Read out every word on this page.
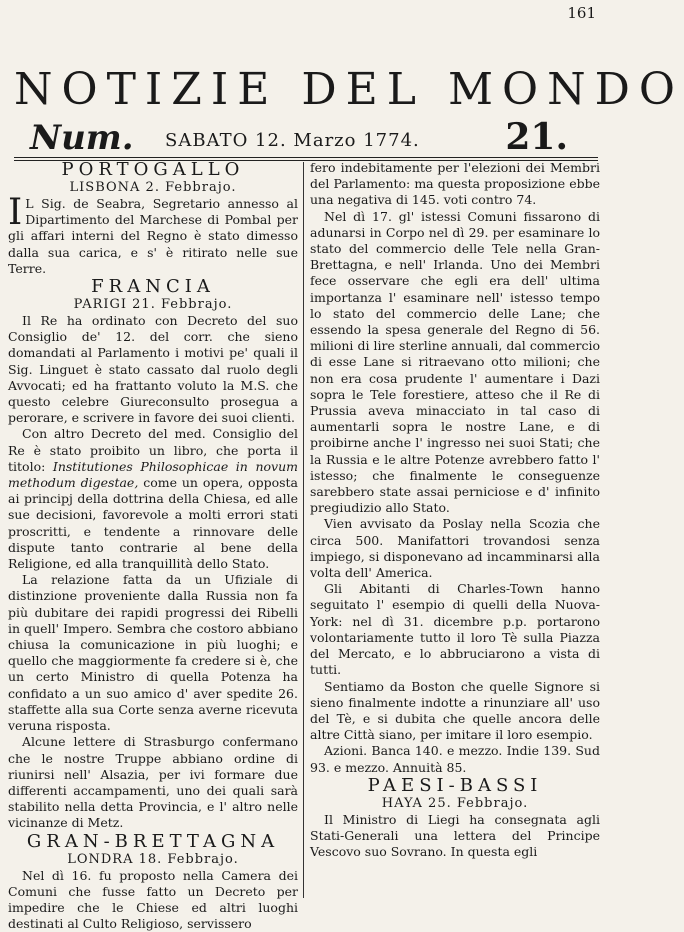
161
NOTIZIE DEL MONDO
Num. SABATO 12. Marzo 1774. 21.
PORTOGALLO
LISBONA 2. Febbrajo.

I L Sig. de Seabra, Segretario annesso al Dipartimento del Marchese di Pombal per gli affari interni del Regno è stato dimesso dalla sua carica, e s' è ritirato nelle sue Terre.

FRANCIA
PARIGI 21. Febbrajo.

Il Re ha ordinato con Decreto del suo Consiglio de' 12. del corr. che sieno domandati al Parlamento i motivi pe' quali il Sig. Linguet è stato cassato dal ruolo degli Avvocati; ed ha frattanto voluto la M.S. che questo celebre Giureconsulto prosegua a perorare, e scrivere in favore dei suoi clienti.

Con altro Decreto del med. Consiglio del Re è stato proibito un libro, che porta il titolo: Institutiones Philosophicae in novum methodum digestae, come un opera, opposta ai principj della dottrina della Chiesa, ed alle sue decisioni, favorevole a molti errori stati proscritti, e tendente a rinnovare delle dispute tanto contrarie al bene della Religione, ed alla tranquillità dello Stato.

La relazione fatta da un Ufiziale di distinzione proveniente dalla Russia non fa più dubitare dei rapidi progressi dei Ribelli in quell' Impero. Sembra che costoro abbiano chiusa la comunicazione in più luoghi; e quello che maggiormente fa credere si è, che un certo Ministro di quella Potenza ha confidato a un suo amico d' aver spedite 26. staffette alla sua Corte senza averne ricevuta veruna risposta.

Alcune lettere di Strasburgo confermano che le nostre Truppe abbiano ordine di riunirsi nell' Alsazia, per ivi formare due differenti accampamenti, uno dei quali sarà stabilito nella detta Provincia, e l' altro nelle vicinanze di Metz.

GRAN-BRETTAGNA
LONDRA 18. Febbrajo.

Nel dì 16. fu proposto nella Camera dei Comuni che fusse fatto un Decreto per impedire che le Chiese ed altri luoghi destinati al Culto Religioso, servissero

fero indebitamente per l'elezioni dei Membri del Parlamento: ma questa proposizione ebbe una negativa di 145. voti contro 74.

Nel dì 17. gl' istessi Comuni fissarono di adunarsi in Corpo nel dì 29. per esaminare lo stato del commercio delle Tele nella Gran-Brettagna, e nell' Irlanda. Uno dei Membri fece osservare che egli era dell' ultima importanza l' esaminare nell' istesso tempo lo stato del commercio delle Lane; che essendo la spesa generale del Regno di 56. milioni di lire sterline annuali, dal commercio di esse Lane si ritraevano otto milioni; che non era cosa prudente l' aumentare i Dazi sopra le Tele forestiere, atteso che il Re di Prussia aveva minacciato in tal caso di aumentarli sopra le nostre Lane, e di proibirne anche l' ingresso nei suoi Stati; che la Russia e le altre Potenze avrebbero fatto l' istesso; che finalmente le conseguenze sarebbero state assai perniciose e d' infinito pregiudizio allo Stato.

Vien avvisato da Poslay nella Scozia che circa 500. Manifattori trovandosi senza impiego, si disponevano ad incamminarsi alla volta dell' America.

Gli Abitanti di Charles-Town hanno seguitato l' esempio di quelli della Nuova-York: nel dì 31. dicembre p.p. portarono volontariamente tutto il loro Tè sulla Piazza del Mercato, e lo abbruciarono a vista di tutti.

Sentiamo da Boston che quelle Signore si sieno finalmente indotte a rinunziare all' uso del Tè, e si dubita che quelle ancora delle altre Città siano, per imitare il loro esempio.

Azioni. Banca 140. e mezzo. Indie 139. Sud 93. e mezzo. Annuità 85.

PAESI-BASSI
HAYA 25. Febbrajo.

Il Ministro di Liegi ha consegnata agli Stati-Generali una lettera del Principe Vescovo suo Sovrano. In questa egli
